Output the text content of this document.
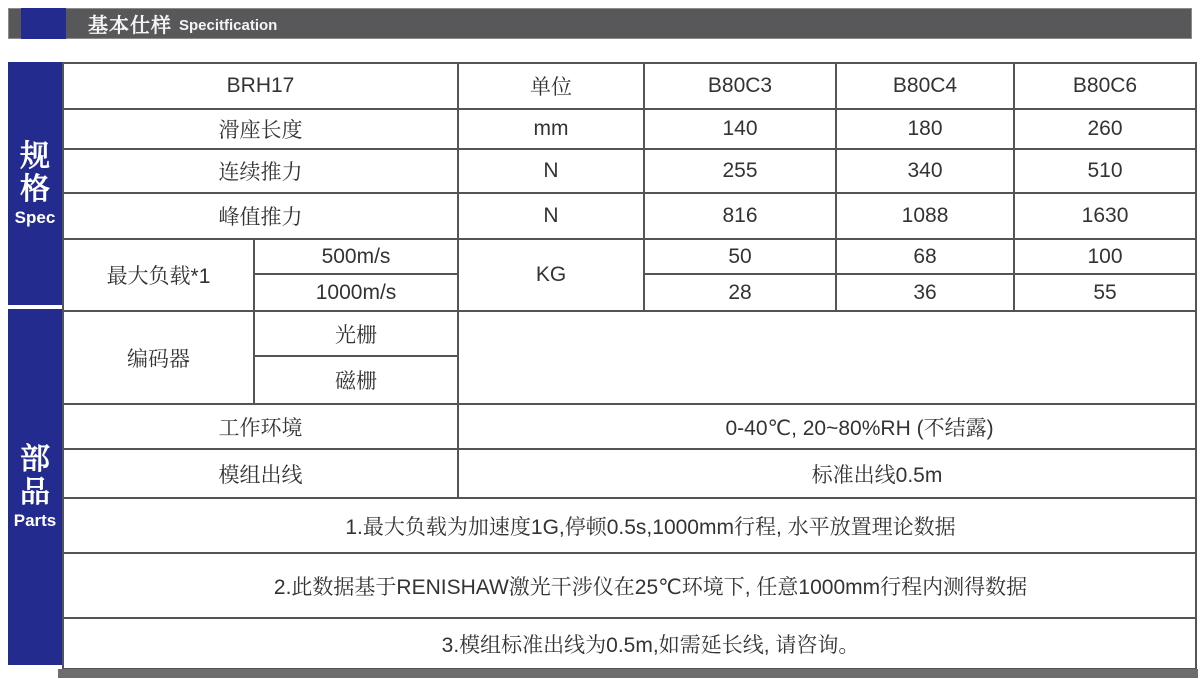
基本仕样 Specitfication
规格
Spec
部品
Parts
BRH17		单位	B80C3	B80C4	B80C6
滑座长度		mm	140	180	260
连续推力		N	255	340	510
峰值推力		N	816	1088	1630
最大负载*1	500m/s	KG	50	68	100
	1000m/s		28	36	55
编码器	光栅				
	磁栅				
工作环境		0-40℃, 20~80%RH (不结露)			
模组出线		标准出线0.5m			
1.最大负载为加速度1G,停顿0.5s,1000mm行程, 水平放置理论数据					
2.此数据基于RENISHAW激光干涉仪在25℃环境下, 任意1000mm行程内测得数据					
3.模组标准出线为0.5m,如需延长线, 请咨询。					
